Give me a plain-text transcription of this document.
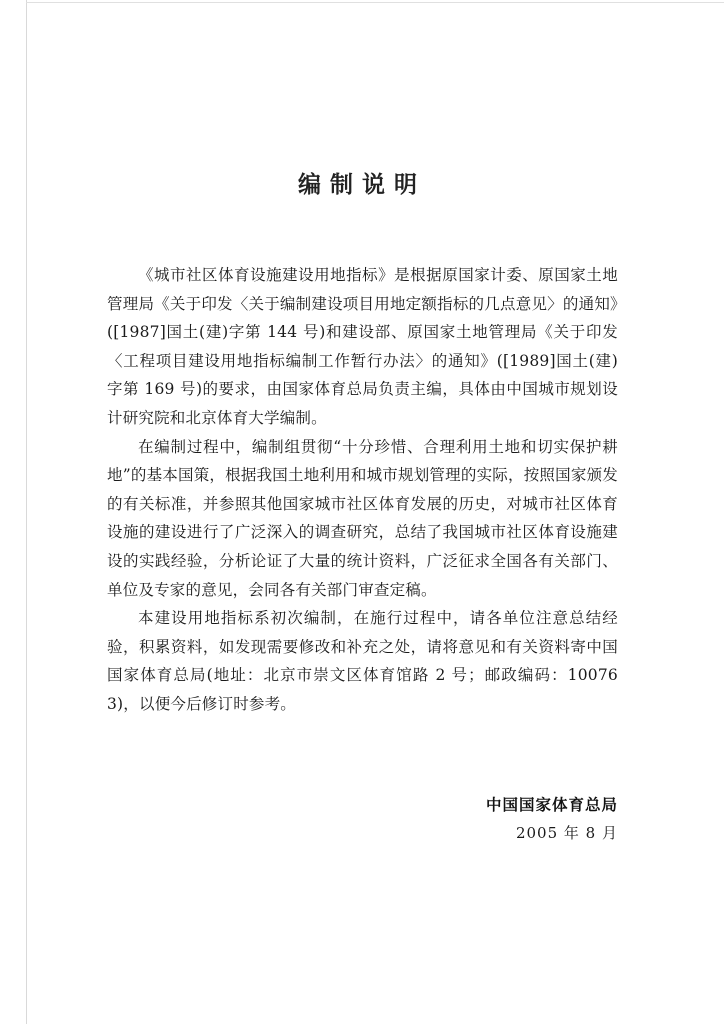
编制说明

《城市社区体育设施建设用地指标》是根据原国家计委、原国家土地管理局《关于印发〈关于编制建设项目用地定额指标的几点意见〉的通知》([1987]国土(建)字第 144 号)和建设部、原国家土地管理局《关于印发〈工程项目建设用地指标编制工作暂行办法〉的通知》([1989]国土(建)字第 169 号)的要求，由国家体育总局负责主编，具体由中国城市规划设计研究院和北京体育大学编制。

在编制过程中，编制组贯彻“十分珍惜、合理利用土地和切实保护耕地”的基本国策，根据我国土地利用和城市规划管理的实际，按照国家颁发的有关标准，并参照其他国家城市社区体育发展的历史，对城市社区体育设施的建设进行了广泛深入的调查研究，总结了我国城市社区体育设施建设的实践经验，分析论证了大量的统计资料，广泛征求全国各有关部门、单位及专家的意见，会同各有关部门审查定稿。

本建设用地指标系初次编制，在施行过程中，请各单位注意总结经验，积累资料，如发现需要修改和补充之处，请将意见和有关资料寄中国国家体育总局(地址：北京市崇文区体育馆路 2 号；邮政编码：100763)，以便今后修订时参考。

中国国家体育总局
2005 年 8 月
